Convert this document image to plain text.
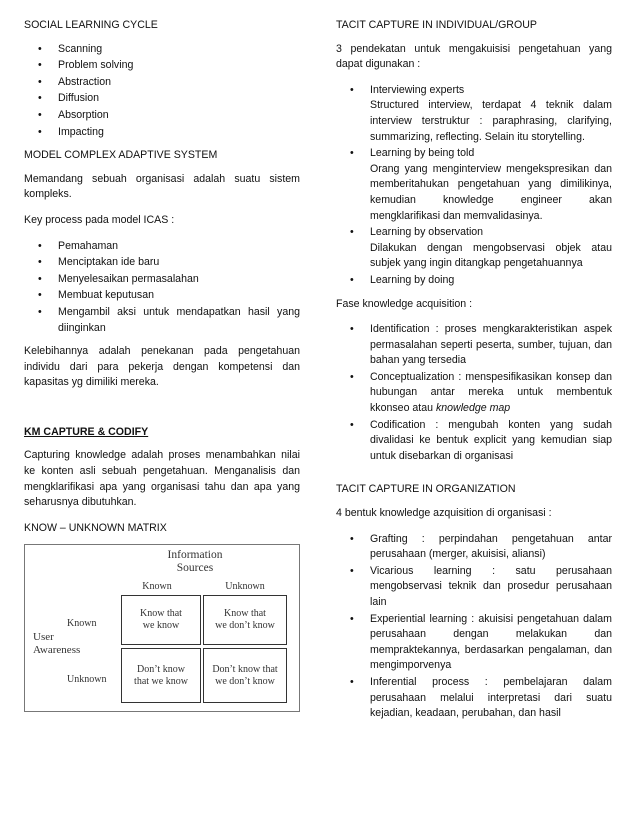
SOCIAL LEARNING CYCLE
• Scanning
• Problem solving
• Abstraction
• Diffusion
• Absorption
• Impacting
MODEL COMPLEX ADAPTIVE SYSTEM

Memandang sebuah organisasi adalah suatu sistem kompleks.

Key process pada model ICAS :

• Pemahaman
• Menciptakan ide baru
• Menyelesaikan permasalahan
• Membuat keputusan
• Mengambil aksi untuk mendapatkan hasil yang diinginkan

Kelebihannya adalah penekanan pada pengetahuan individu dari para pekerja dengan kompetensi dan kapasitas yg dimiliki mereka.

KM CAPTURE & CODIFY

Capturing knowledge adalah proses menambahkan nilai ke konten asli sebuah pengetahuan. Menganalisis dan mengklarifikasi apa yang organisasi tahu dan apa yang seharusnya dibutuhkan.

KNOW – UNKNOWN MATRIX
Information
Sources
Known	Unknown
Known
Unknown
User
Awareness
Know that
we know
Know that
we don’t know
Don’t know
that we know
Don’t know that
we don’t know
TACIT CAPTURE IN INDIVIDUAL/GROUP

3 pendekatan untuk mengakuisisi pengetahuan yang dapat digunakan :

• Interviewing experts
Structured interview, terdapat 4 teknik dalam interview terstruktur : paraphrasing, clarifying, summarizing, reflecting. Selain itu storytelling.
• Learning by being told
Orang yang menginterview mengekspresikan dan memberitahukan pengetahuan yang dimilikinya, kemudian knowledge engineer akan mengklarifikasi dan memvalidasinya.
• Learning by observation
Dilakukan dengan mengobservasi objek atau subjek yang ingin ditangkap pengetahuannya
• Learning by doing

Fase knowledge acquisition :

• Identification : proses mengkarakteristikan aspek permasalahan seperti peserta, sumber, tujuan, dan bahan yang tersedia
• Conceptualization : menspesifikasikan konsep dan hubungan antar mereka untuk membentuk kkonseo atau knowledge map
• Codification : mengubah konten yang sudah divalidasi ke bentuk explicit yang kemudian siap untuk disebarkan di organisasi
TACIT CAPTURE IN ORGANIZATION

4 bentuk knowledge azquisition di organisasi :

• Grafting : perpindahan pengetahuan antar perusahaan (merger, akuisisi, aliansi)
• Vicarious learning : satu perusahaan mengobservasi teknik dan prosedur perusahaan lain
• Experiential learning : akuisisi pengetahuan dalam perusahaan dengan melakukan dan mempraktekannya, berdasarkan pengalaman, dan mengimporvenya
• Inferential process : pembelajaran dalam perusahaan melalui interpretasi dari suatu kejadian, keadaan, perubahan, dan hasil
